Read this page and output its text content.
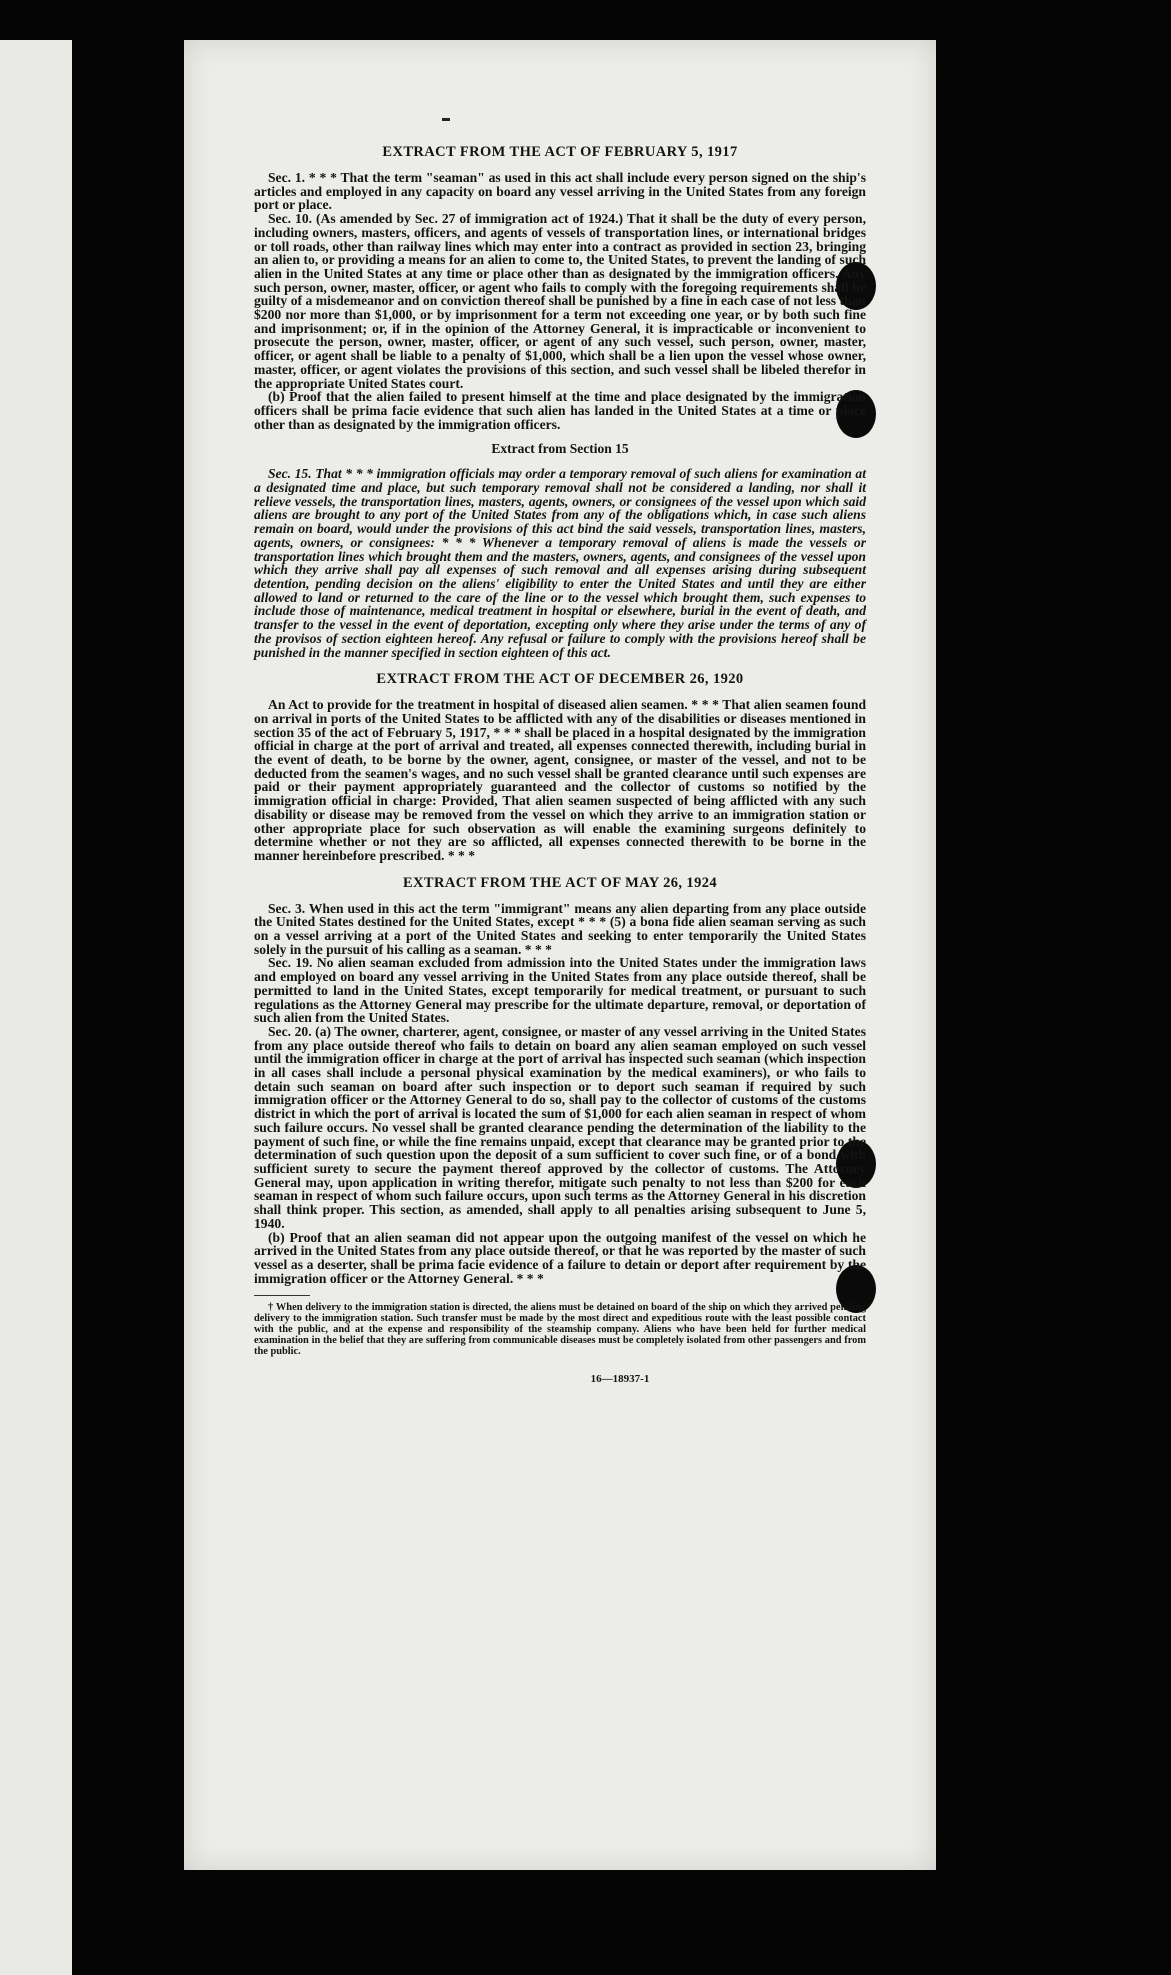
EXTRACT FROM THE ACT OF FEBRUARY 5, 1917

Sec. 1. * * * That the term "seaman" as used in this act shall include every person signed on the ship's articles and employed in any capacity on board any vessel arriving in the United States from any foreign port or place.

Sec. 10. (As amended by Sec. 27 of immigration act of 1924.) That it shall be the duty of every person, including owners, masters, officers, and agents of vessels of transportation lines, or international bridges or toll roads, other than railway lines which may enter into a contract as provided in section 23, bringing an alien to, or providing a means for an alien to come to, the United States, to prevent the landing of such alien in the United States at any time or place other than as designated by the immigration officers. Any such person, owner, master, officer, or agent who fails to comply with the foregoing requirements shall be guilty of a misdemeanor and on conviction thereof shall be punished by a fine in each case of not less than $200 nor more than $1,000, or by imprisonment for a term not exceeding one year, or by both such fine and imprisonment; or, if in the opinion of the Attorney General, it is impracticable or inconvenient to prosecute the person, owner, master, officer, or agent of any such vessel, such person, owner, master, officer, or agent shall be liable to a penalty of $1,000, which shall be a lien upon the vessel whose owner, master, officer, or agent violates the provisions of this section, and such vessel shall be libeled therefor in the appropriate United States court.

(b) Proof that the alien failed to present himself at the time and place designated by the immigration officers shall be prima facie evidence that such alien has landed in the United States at a time or place other than as designated by the immigration officers.

Extract from Section 15

Sec. 15. That * * * immigration officials may order a temporary removal of such aliens for examination at a designated time and place, but such temporary removal shall not be considered a landing, nor shall it relieve vessels, the transportation lines, masters, agents, owners, or consignees of the vessel upon which said aliens are brought to any port of the United States from any of the obligations which, in case such aliens remain on board, would under the provisions of this act bind the said vessels, transportation lines, masters, agents, owners, or consignees: * * * Whenever a temporary removal of aliens is made the vessels or transportation lines which brought them and the masters, owners, agents, and consignees of the vessel upon which they arrive shall pay all expenses of such removal and all expenses arising during subsequent detention, pending decision on the aliens' eligibility to enter the United States and until they are either allowed to land or returned to the care of the line or to the vessel which brought them, such expenses to include those of maintenance, medical treatment in hospital or elsewhere, burial in the event of death, and transfer to the vessel in the event of deportation, excepting only where they arise under the terms of any of the provisos of section eighteen hereof. Any refusal or failure to comply with the provisions hereof shall be punished in the manner specified in section eighteen of this act.

EXTRACT FROM THE ACT OF DECEMBER 26, 1920

An Act to provide for the treatment in hospital of diseased alien seamen. * * * That alien seamen found on arrival in ports of the United States to be afflicted with any of the disabilities or diseases mentioned in section 35 of the act of February 5, 1917, * * * shall be placed in a hospital designated by the immigration official in charge at the port of arrival and treated, all expenses connected therewith, including burial in the event of death, to be borne by the owner, agent, consignee, or master of the vessel, and not to be deducted from the seamen's wages, and no such vessel shall be granted clearance until such expenses are paid or their payment appropriately guaranteed and the collector of customs so notified by the immigration official in charge: Provided, That alien seamen suspected of being afflicted with any such disability or disease may be removed from the vessel on which they arrive to an immigration station or other appropriate place for such observation as will enable the examining surgeons definitely to determine whether or not they are so afflicted, all expenses connected therewith to be borne in the manner hereinbefore prescribed. * * *

EXTRACT FROM THE ACT OF MAY 26, 1924

Sec. 3. When used in this act the term "immigrant" means any alien departing from any place outside the United States destined for the United States, except * * * (5) a bona fide alien seaman serving as such on a vessel arriving at a port of the United States and seeking to enter temporarily the United States solely in the pursuit of his calling as a seaman. * * *

Sec. 19. No alien seaman excluded from admission into the United States under the immigration laws and employed on board any vessel arriving in the United States from any place outside thereof, shall be permitted to land in the United States, except temporarily for medical treatment, or pursuant to such regulations as the Attorney General may prescribe for the ultimate departure, removal, or deportation of such alien from the United States.

Sec. 20. (a) The owner, charterer, agent, consignee, or master of any vessel arriving in the United States from any place outside thereof who fails to detain on board any alien seaman employed on such vessel until the immigration officer in charge at the port of arrival has inspected such seaman (which inspection in all cases shall include a personal physical examination by the medical examiners), or who fails to detain such seaman on board after such inspection or to deport such seaman if required by such immigration officer or the Attorney General to do so, shall pay to the collector of customs of the customs district in which the port of arrival is located the sum of $1,000 for each alien seaman in respect of whom such failure occurs. No vessel shall be granted clearance pending the determination of the liability to the payment of such fine, or while the fine remains unpaid, except that clearance may be granted prior to the determination of such question upon the deposit of a sum sufficient to cover such fine, or of a bond with sufficient surety to secure the payment thereof approved by the collector of customs. The Attorney General may, upon application in writing therefor, mitigate such penalty to not less than $200 for each seaman in respect of whom such failure occurs, upon such terms as the Attorney General in his discretion shall think proper. This section, as amended, shall apply to all penalties arising subsequent to June 5, 1940.

(b) Proof that an alien seaman did not appear upon the outgoing manifest of the vessel on which he arrived in the United States from any place outside thereof, or that he was reported by the master of such vessel as a deserter, shall be prima facie evidence of a failure to detain or deport after requirement by the immigration officer or the Attorney General. * * *

† When delivery to the immigration station is directed, the aliens must be detained on board of the ship on which they arrived pending delivery to the immigration station. Such transfer must be made by the most direct and expeditious route with the least possible contact with the public, and at the expense and responsibility of the steamship company. Aliens who have been held for further medical examination in the belief that they are suffering from communicable diseases must be completely isolated from other passengers and from the public.

16—18937-1
